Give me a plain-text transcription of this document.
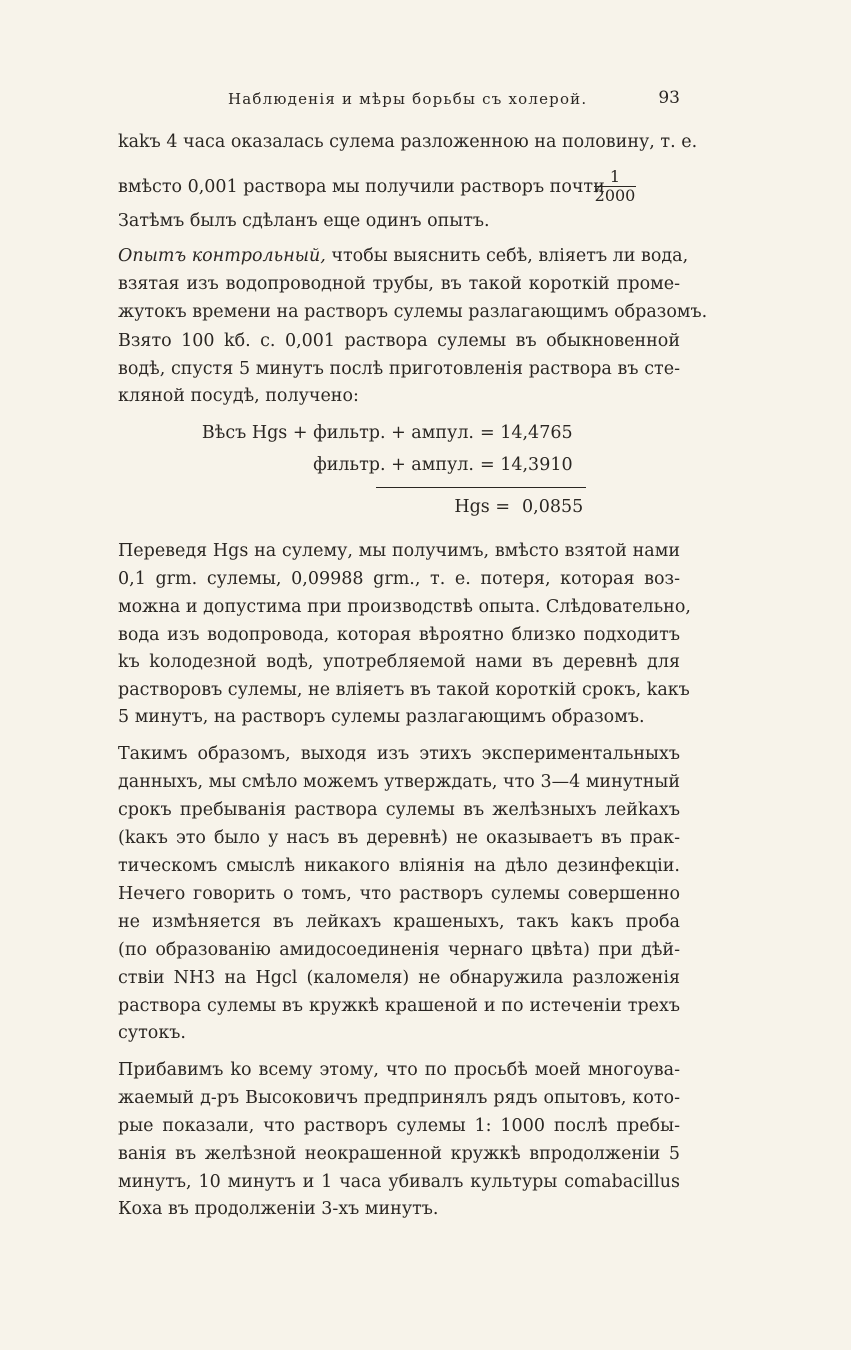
Наблюденія и мѣры борьбы съ холерой.	93
kakъ 4 часа оказалась сулема разложенною на половину, т. е.
вмѣсто 0,001 раствора мы получили растворъ почти
1
2000
Затѣмъ былъ сдѣланъ еще одинъ опытъ.
Опытъ контрольный, чтобы выяснить себѣ, вліяетъ ли вода,
взятая изъ водопроводной трубы, въ такой короткій проме-
жутокъ времени на растворъ сулемы разлагающимъ образомъ.
Взято 100 kб. c. 0,001 раствора сулемы въ обыкновенной
водѣ, спустя 5 минутъ послѣ приготовленія раствора въ сте-
кляной посудѣ, получено:
Вѣсъ Hgs + фильтр. + ампул. = 14,4765
фильтр. + ампул. = 14,3910
Hgs = 0,0855
Переведя Hgs на сулему, мы получимъ, вмѣсто взятой нами
0,1 grm. сулемы, 0,09988 grm., т. е. потеря, которая воз-
можна и допустима при производствѣ опыта. Слѣдовательно,
вода изъ водопровода, которая вѣроятно близко подходитъ
kъ kолодезной водѣ, употребляемой нами въ деревнѣ для
растворовъ сулемы, не вліяетъ въ такой короткій срокъ, kакъ
5 минутъ, на растворъ сулемы разлагающимъ образомъ.
Такимъ образомъ, выходя изъ этихъ экспериментальныхъ
данныхъ, мы смѣло можемъ утверждать, что 3—4 минутный
срокъ пребыванія раствора сулемы въ желѣзныхъ лейkахъ
(kакъ это было у насъ въ деревнѣ) не оказываетъ въ прак-
тическомъ смыслѣ никакого вліянія на дѣло дезинфекціи.
Нечего говорить о томъ, что растворъ сулемы совершенно
не измѣняется въ лейкахъ крашеныхъ, такъ kакъ проба
(по образованію амидосоединенія чернаго цвѣта) при дѣй-
ствіи NH3 на Hgcl (каломеля) не обнаружила разложенія
раствора сулемы въ кружкѣ крашеной и по истеченіи трехъ
сутокъ.
Прибавимъ kо всему этому, что по просьбѣ моей многоува-
жаемый д-ръ Высоковичъ предпринялъ рядъ опытовъ, кото-
рые показали, что растворъ сулемы 1: 1000 послѣ пребы-
ванія въ желѣзной неокрашенной кружкѣ впродолженіи 5
минутъ, 10 минутъ и 1 часа убивалъ культуры comabacillus
Коха въ продолженіи 3-хъ минутъ.
